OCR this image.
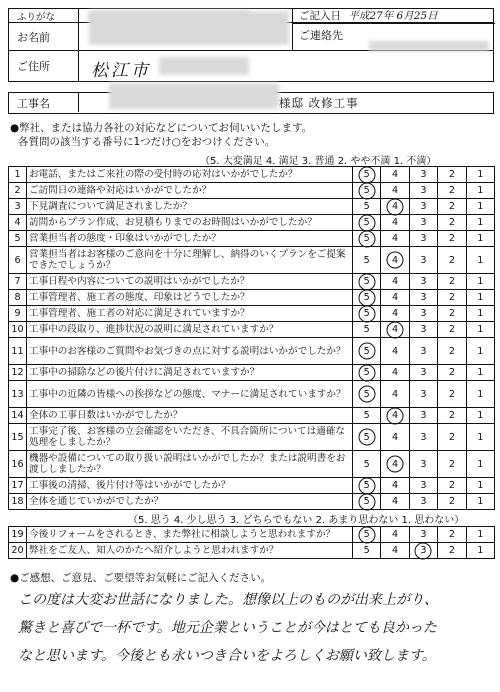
ふりがな
お名前
ご記入日 平成27年 6月25日
ご連絡先
ご住所	松江市
工事名	様邸 改修工事
●弊社、または協力各社の対応などについてお伺いいたします。
各質問の該当する番号に1つだけ○をおつけください。
（5. 大変満足 4. 満足 3. 普通 2. やや不満 1. 不満）
1	お電話、またはご来社の際の受付時の応対はいかがでしたか？	5	4	3	2	1
2	ご訪問日の連絡や対応はいかがでしたか？	5	4	3	2	1
3	下見調査について満足されましたか？	5	4	3	2	1
4	訪問からプラン作成、お見積もりまでのお時間はいかがでしたか？	5	4	3	2	1
5	営業担当者の態度・印象はいかがでしたか？	5	4	3	2	1
6	営業担当者はお客様のご意向を十分に理解し、納得のいくプランをご提案できたでしょうか？	5	4	3	2	1
7	工事日程や内容についての説明はいかがでしたか？	5	4	3	2	1
8	工事管理者、施工者の態度、印象はどうでしたか？	5	4	3	2	1
9	工事管理者、施工者の対応に満足されていますか？	5	4	3	2	1
10	工事中の段取り、進捗状況の説明に満足されていますか？	5	4	3	2	1
11	工事中のお客様のご質問やお気づきの点に対する説明はいかがでしたか？	5	4	3	2	1
12	工事中の掃除などの後片付けに満足されていますか？	5	4	3	2	1
13	工事中の近隣の皆様への挨拶などの態度、マナーに満足されていますか？	5	4	3	2	1
14	全体の工事日数はいかがでしたか？	5	4	3	2	1
15	工事完了後、お客様の立会確認をいただき、不具合箇所については適確な処理をしましたか？	5	4	3	2	1
16	機器や設備についての取り扱い説明はいかがでしたか？または説明書をお渡ししましたか？	5	4	3	2	1
17	工事後の清掃、後片付け等はいかがでしたか？	5	4	3	2	1
18	全体を通じていかがでしたか？	5	4	3	2	1
（5. 思う 4. 少し思う 3. どちらでもない 2. あまり思わない 1. 思わない）
19	今後リフォームをされるとき、また弊社に相談しようと思われますか？	5	4	3	2	1
20	弊社をご友人、知人のかたへ紹介しようと思われますか？	5	4	3	2	1
●ご感想、ご意見、ご要望等お気軽にご記入ください。
この度は大変お世話になりました。想像以上のものが出来上がり、
驚きと喜びで一杯です。地元企業ということが今はとても良かった
なと思います。今後とも永いつき合いをよろしくお願い致します。
